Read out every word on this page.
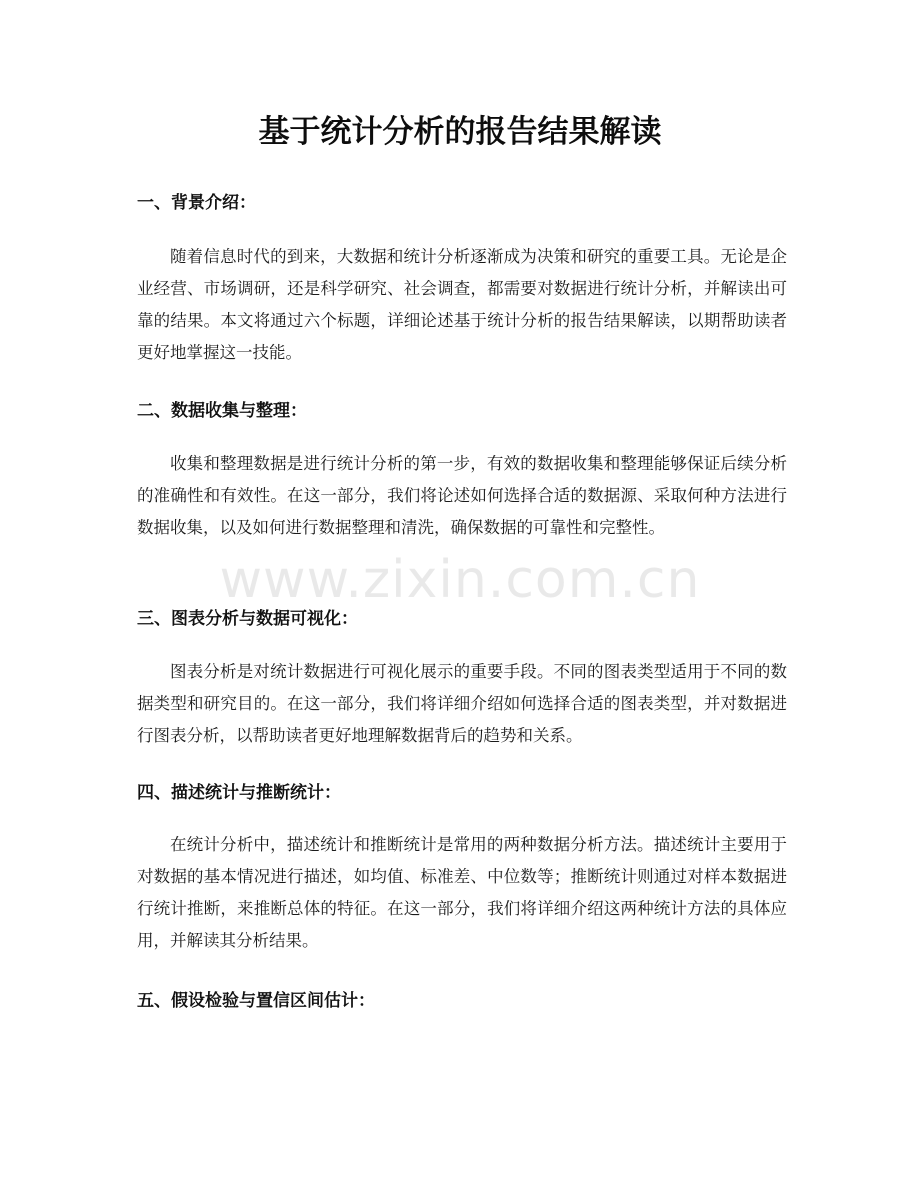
基于统计分析的报告结果解读
一、背景介绍：

随着信息时代的到来，大数据和统计分析逐渐成为决策和研究的重要工具。无论是企业经营、市场调研，还是科学研究、社会调查，都需要对数据进行统计分析，并解读出可靠的结果。本文将通过六个标题，详细论述基于统计分析的报告结果解读，以期帮助读者更好地掌握这一技能。

二、数据收集与整理：

收集和整理数据是进行统计分析的第一步，有效的数据收集和整理能够保证后续分析的准确性和有效性。在这一部分，我们将论述如何选择合适的数据源、采取何种方法进行数据收集，以及如何进行数据整理和清洗，确保数据的可靠性和完整性。

三、图表分析与数据可视化：

图表分析是对统计数据进行可视化展示的重要手段。不同的图表类型适用于不同的数据类型和研究目的。在这一部分，我们将详细介绍如何选择合适的图表类型，并对数据进行图表分析，以帮助读者更好地理解数据背后的趋势和关系。

四、描述统计与推断统计：

在统计分析中，描述统计和推断统计是常用的两种数据分析方法。描述统计主要用于对数据的基本情况进行描述，如均值、标准差、中位数等；推断统计则通过对样本数据进行统计推断，来推断总体的特征。在这一部分，我们将详细介绍这两种统计方法的具体应用，并解读其分析结果。

五、假设检验与置信区间估计：
www.zixin.com.cn
